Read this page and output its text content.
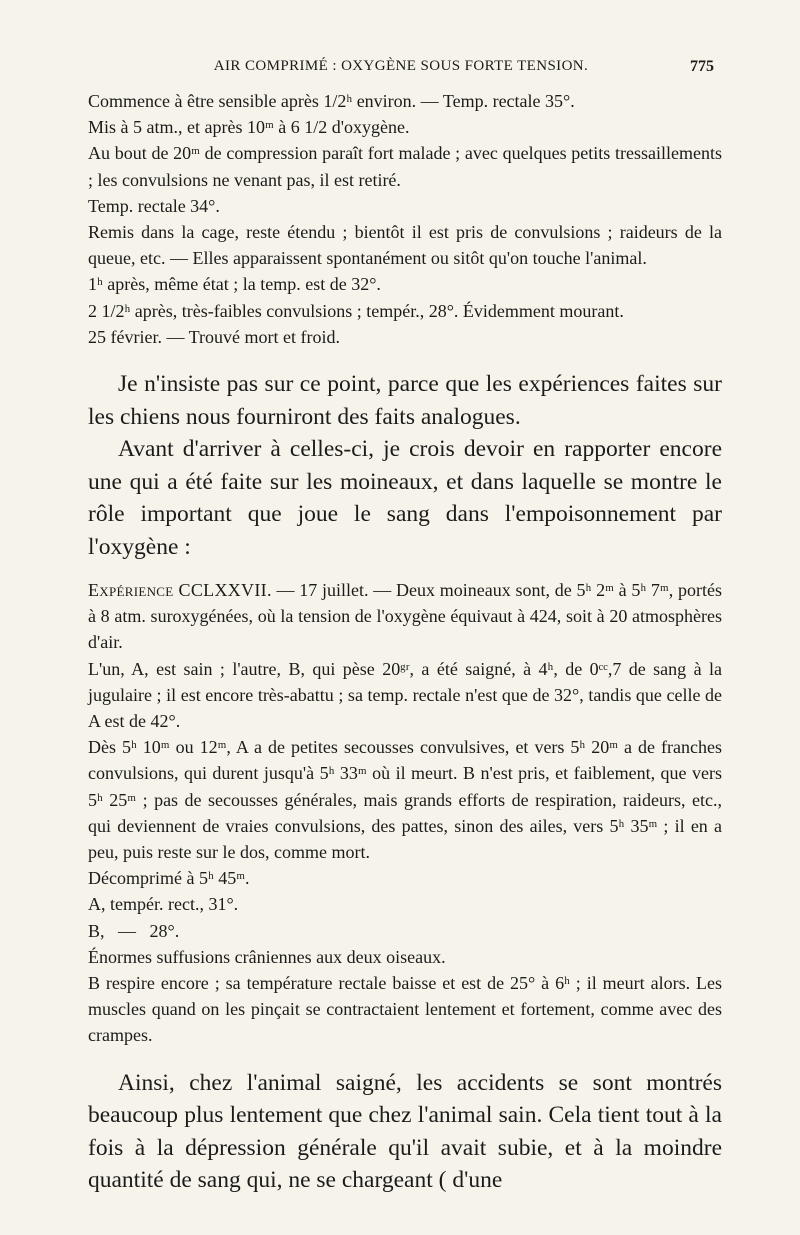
AIR COMPRIMÉ : OXYGÈNE SOUS FORTE TENSION.	775

Commence à être sensible après 1/2ʰ environ. — Temp. rectale 35°.

Mis à 5 atm., et après 10ᵐ à 6 1/2 d'oxygène.

Au bout de 20ᵐ de compression paraît fort malade ; avec quelques petits tressaillements ; les convulsions ne venant pas, il est retiré.

Temp. rectale 34°.

Remis dans la cage, reste étendu ; bientôt il est pris de convulsions ; raideurs de la queue, etc. — Elles apparaissent spontanément ou sitôt qu'on touche l'animal.

1ʰ après, même état ; la temp. est de 32°.

2 1/2ʰ après, très-faibles convulsions ; tempér., 28°. Évidemment mourant.

25 février. — Trouvé mort et froid.

Je n'insiste pas sur ce point, parce que les expériences faites sur les chiens nous fourniront des faits analogues.

Avant d'arriver à celles-ci, je crois devoir en rapporter encore une qui a été faite sur les moineaux, et dans laquelle se montre le rôle important que joue le sang dans l'empoisonnement par l'oxygène :

Expérience CCLXXVII. — 17 juillet. — Deux moineaux sont, de 5ʰ 2ᵐ à 5ʰ 7ᵐ, portés à 8 atm. suroxygénées, où la tension de l'oxygène équivaut à 424, soit à 20 atmosphères d'air.

L'un, A, est sain ; l'autre, B, qui pèse 20ᵍʳ, a été saigné, à 4ʰ, de 0ᶜᶜ,7 de sang à la jugulaire ; il est encore très-abattu ; sa temp. rectale n'est que de 32°, tandis que celle de A est de 42°.

Dès 5ʰ 10ᵐ ou 12ᵐ, A a de petites secousses convulsives, et vers 5ʰ 20ᵐ a de franches convulsions, qui durent jusqu'à 5ʰ 33ᵐ où il meurt. B n'est pris, et faiblement, que vers 5ʰ 25ᵐ ; pas de secousses générales, mais grands efforts de respiration, raideurs, etc., qui deviennent de vraies convulsions, des pattes, sinon des ailes, vers 5ʰ 35ᵐ ; il en a peu, puis reste sur le dos, comme mort.

Décomprimé à 5ʰ 45ᵐ.

A, tempér. rect., 31°.

B,   —   28°.

Énormes suffusions crâniennes aux deux oiseaux.

B respire encore ; sa température rectale baisse et est de 25° à 6ʰ ; il meurt alors. Les muscles quand on les pinçait se contractaient lentement et fortement, comme avec des crampes.

Ainsi, chez l'animal saigné, les accidents se sont montrés beaucoup plus lentement que chez l'animal sain. Cela tient tout à la fois à la dépression générale qu'il avait subie, et à la moindre quantité de sang qui, ne se chargeant ( d'une
